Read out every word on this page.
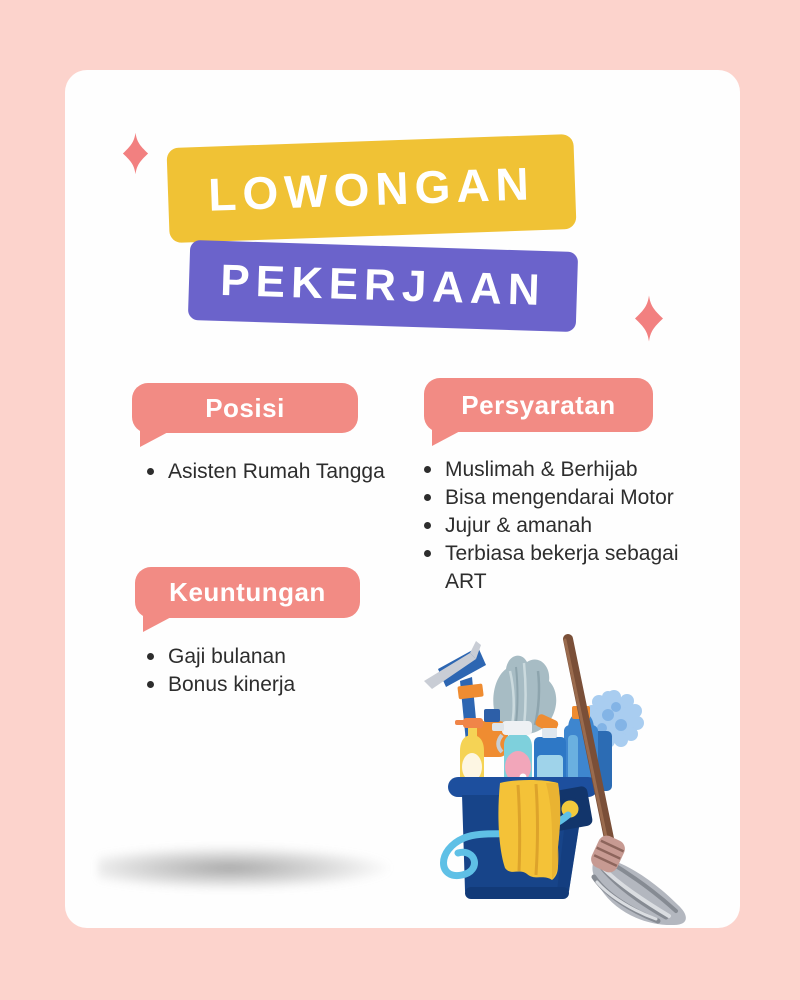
LOWONGAN
PEKERJAAN
Posisi
Asisten Rumah Tangga
Persyaratan
Muslimah & Berhijab
Bisa mengendarai Motor
Jujur & amanah
Terbiasa bekerja sebagai ART
Keuntungan
Gaji bulanan
Bonus kinerja
